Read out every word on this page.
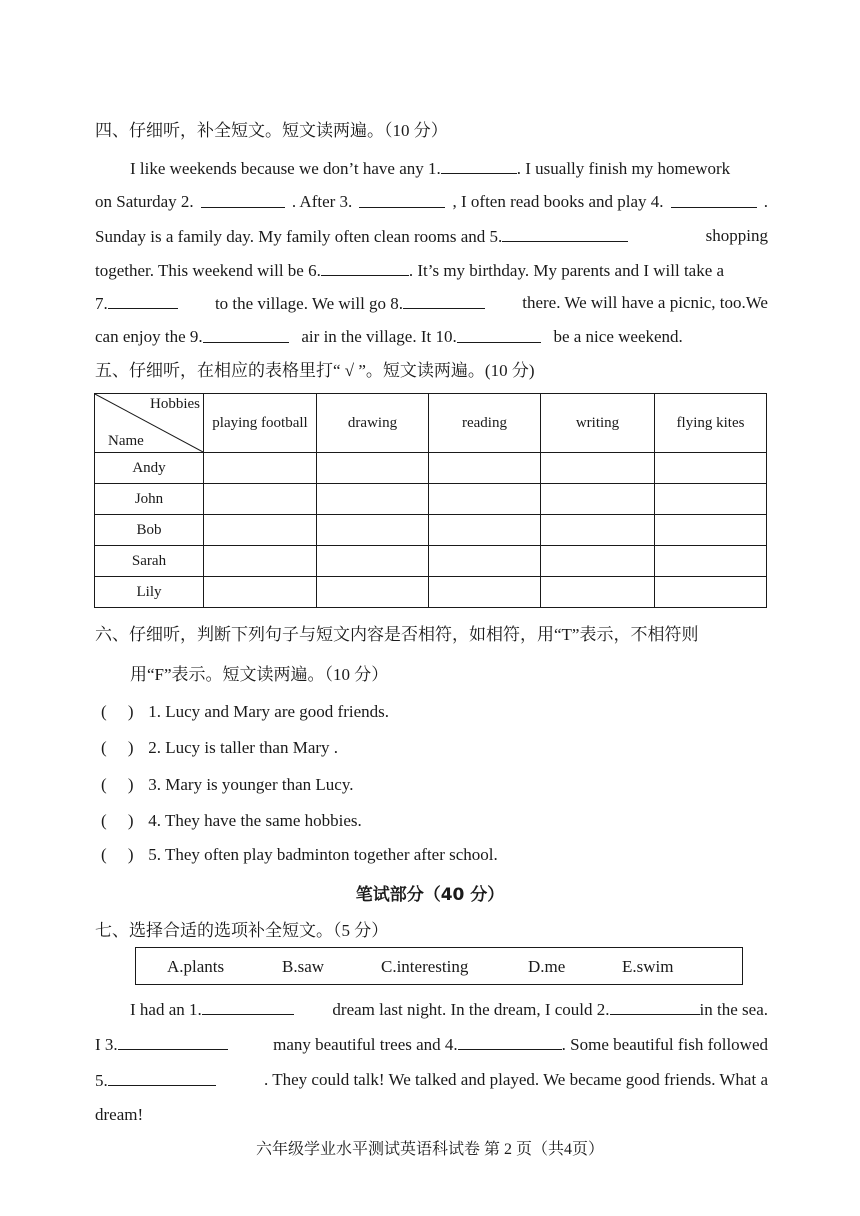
四、仔细听，补全短文。短文读两遍。（10 分）
I like weekends because we don’t have any 1.	. I usually finish my homework
on Saturday 2.	. After 3.	, I often read books and play 4.	.
Sunday is a family day. My family often clean rooms and 5.	shopping
together. This weekend will be 6.	. It’s my birthday. My parents and I will take a
7.	to the village. We will go 8.	there. We will have a picnic, too.We
can enjoy the 9.
	air in the village. It 10.
	be a nice weekend.
五、仔细听，在相应的表格里打“ √ ”。短文读两遍。(10 分)
Hobbies
Name	playing football	drawing	reading	writing	flying kites
Andy					
John					
Bob					
Sarah					
Lily					
六、仔细听，判断下列句子与短文内容是否相符，如相符，用“T”表示，不相符则
用“F”表示。短文读两遍。（10 分）
( ) 1. Lucy and Mary are good friends.
( ) 2. Lucy is taller than Mary .
( ) 3. Mary is younger than Lucy.
( ) 4. They have the same hobbies.
( ) 5. They often play badminton together after school.
笔试部分（40 分）
七、选择合适的选项补全短文。（5 分）
A.plants	B.saw	C.interesting	D.me	E.swim
I had an 1.	dream last night. In the dream, I could 2.	in the sea.
I 3.	many beautiful trees and 4.	. Some beautiful fish followed
5.	. They could talk! We talked and played. We became good friends. What a
dream!
六年级学业水平测试英语科试卷 第 2 页（共4页）
